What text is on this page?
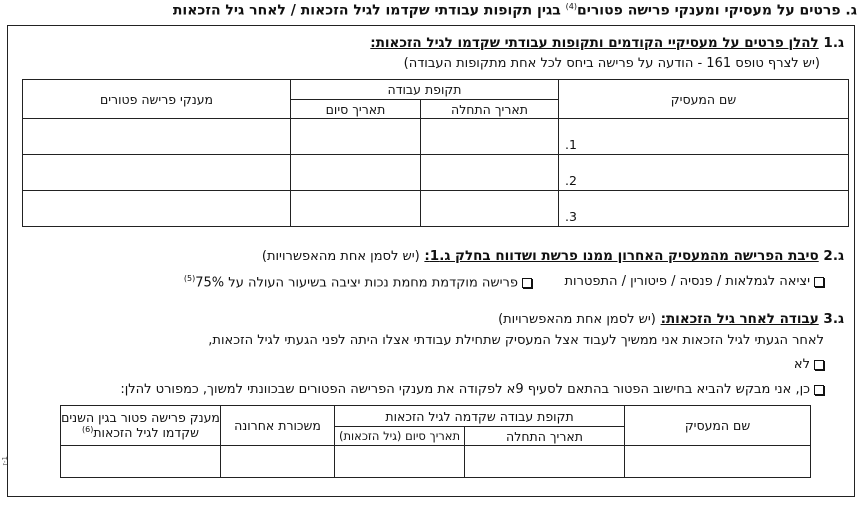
ג. פרטים על מעסיקי ומענקי פרישה פטורים$^{(4)}$ בגין תקופות עבודתי שקדמו לגיל הזכאות / לאחר גיל הזכאות
ג.1 להלן פרטים על מעסיקיי הקודמים ותקופות עבודתי שקדמו לגיל הזכאות:
(יש לצרף טופס 161 - הודעה על פרישה ביחס לכל אחת מתקופות העבודה)
שם המעסיק	תקופת עבודה		מענקי פרישה פטורים
	תאריך התחלה	תאריך סיום	
1.			
2.			
3.			
ג.2 סיבת הפרישה מהמעסיק האחרון ממנו פרשת ושדווח בחלק ג.1: (יש לסמן אחת מהאפשרויות)
יציאה לגמלאות / פנסיה / פיטורין / התפטרות
פרישה מוקדמת מחמת נכות יציבה בשיעור העולה על 75%$^{(5)}$
ג.3 עבודה לאחר גיל הזכאות: (יש לסמן אחת מהאפשרויות)
לאחר הגעתי לגיל הזכאות אני ממשיך לעבוד אצל המעסיק שתחילת עבודתי אצלו היתה לפני הגעתי לגיל הזכאות,
לא
כן, אני מבקש להביא בחישוב הפטור בהתאם לסעיף 9א לפקודה את מענקי הפרישה הפטורים שבכוונתי למשוך, כמפורט להלן:
שם המעסיק	תקופת עבודה שקדמה לגיל הזכאות		משכורת אחרונה	מענק פרישה פטור בגין השנים
שקדמו לגיל הזכאות$^{(6)}$

	תאריך התחלה	תאריך סיום (גיל הזכאות)		

1-ז
